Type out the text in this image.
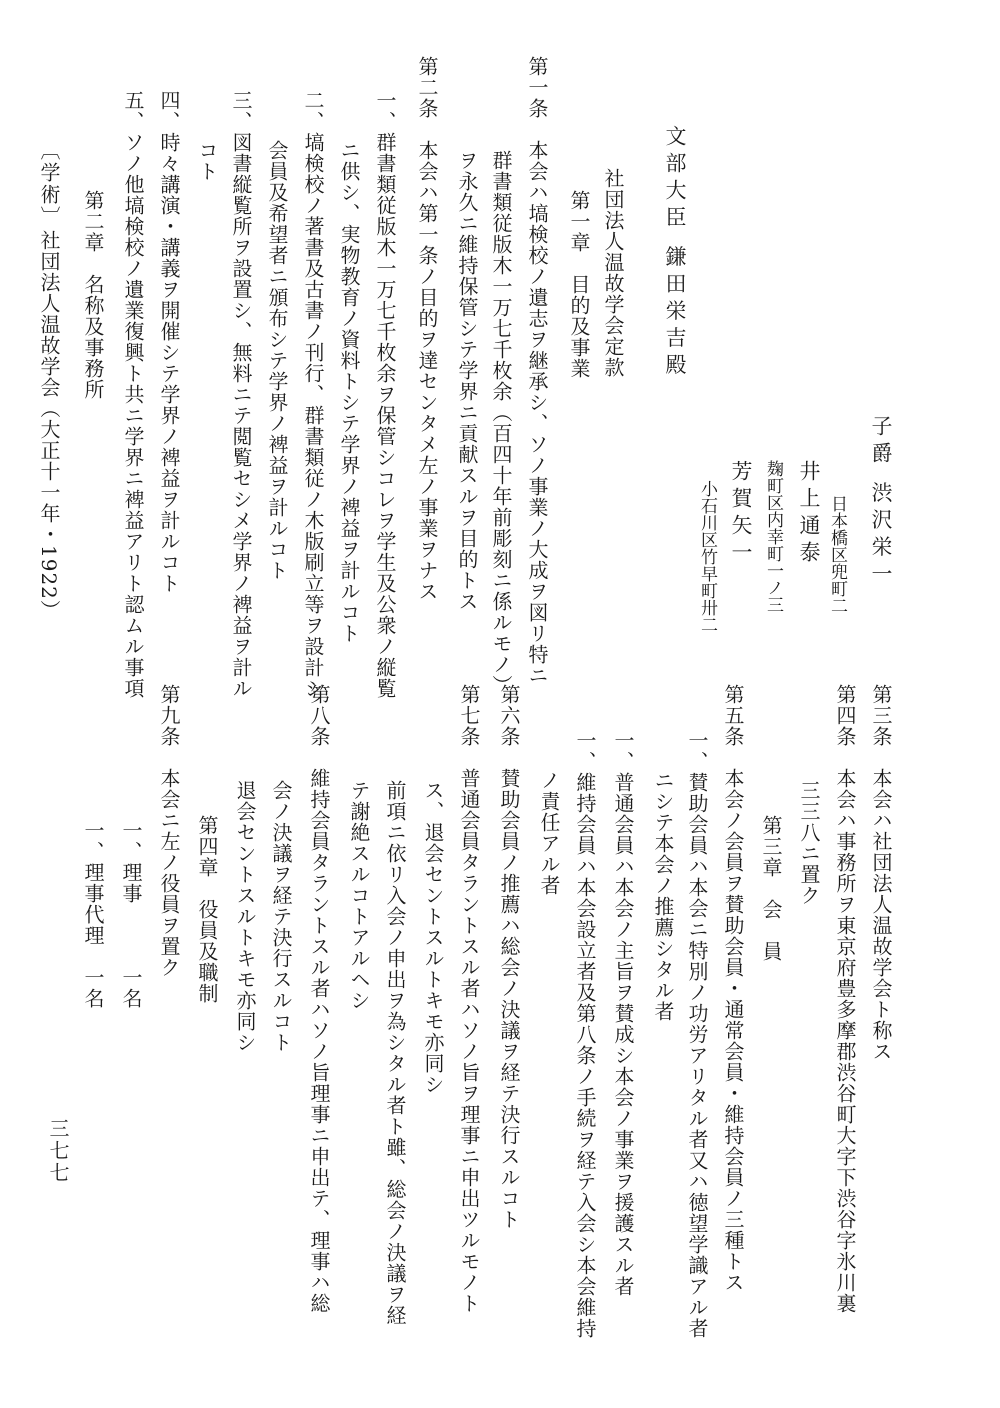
子爵 渋沢栄一
日本橋区兜町二
井上通泰
麹町区内幸町一ノ三
芳賀矢一
小石川区竹早町卅二
文部大臣 鎌田栄吉殿
社団法人温故学会定款
第一章　目的及事業
第一条　本会ハ塙検校ノ遺志ヲ継承シ、ソノ事業ノ大成ヲ図リ特ニ
群書類従版木一万七千枚余（百四十年前彫刻ニ係ルモノ）
ヲ永久ニ維持保管シテ学界ニ貢献スルヲ目的トス
第二条　本会ハ第一条ノ目的ヲ達センタメ左ノ事業ヲナス
一、群書類従版木一万七千枚余ヲ保管シコレヲ学生及公衆ノ縦覧
ニ供シ、実物教育ノ資料トシテ学界ノ裨益ヲ計ルコト
二、塙検校ノ著書及古書ノ刊行、群書類従ノ木版刷立等ヲ設計シ
会員及希望者ニ頒布シテ学界ノ裨益ヲ計ルコト
三、図書縦覧所ヲ設置シ、無料ニテ閲覧セシメ学界ノ裨益ヲ計ル
コト
四、時々講演・講義ヲ開催シテ学界ノ裨益ヲ計ルコト
五、ソノ他塙検校ノ遺業復興ト共ニ学界ニ裨益アリト認ムル事項
第二章　名称及事務所
第三条　本会ハ社団法人温故学会ト称ス
第四条　本会ハ事務所ヲ東京府豊多摩郡渋谷町大字下渋谷字氷川裏
三三八ニ置ク
第三章　会　員
第五条　本会ノ会員ヲ賛助会員・通常会員・維持会員ノ三種トス
一、賛助会員ハ本会ニ特別ノ功労アリタル者又ハ徳望学識アル者
ニシテ本会ノ推薦シタル者
一、普通会員ハ本会ノ主旨ヲ賛成シ本会ノ事業ヲ援護スル者
一、維持会員ハ本会設立者及第八条ノ手続ヲ経テ入会シ本会維持
ノ責任アル者
第六条　賛助会員ノ推薦ハ総会ノ決議ヲ経テ決行スルコト
第七条　普通会員タラントスル者ハソノ旨ヲ理事ニ申出ツルモノト
ス、退会セントスルトキモ亦同シ
前項ニ依リ入会ノ申出ヲ為シタル者ト雖、総会ノ決議ヲ経
テ謝絶スルコトアルヘシ
第八条　維持会員タラントスル者ハソノ旨理事ニ申出テ、理事ハ総
会ノ決議ヲ経テ決行スルコト
退会セントスルトキモ亦同シ
第四章　役員及職制
第九条　本会ニ左ノ役員ヲ置ク
一、理事　　　一名
一、理事代理　一名
〔学術〕
社団法人温故学会（大正十一年・1922）
三七七
